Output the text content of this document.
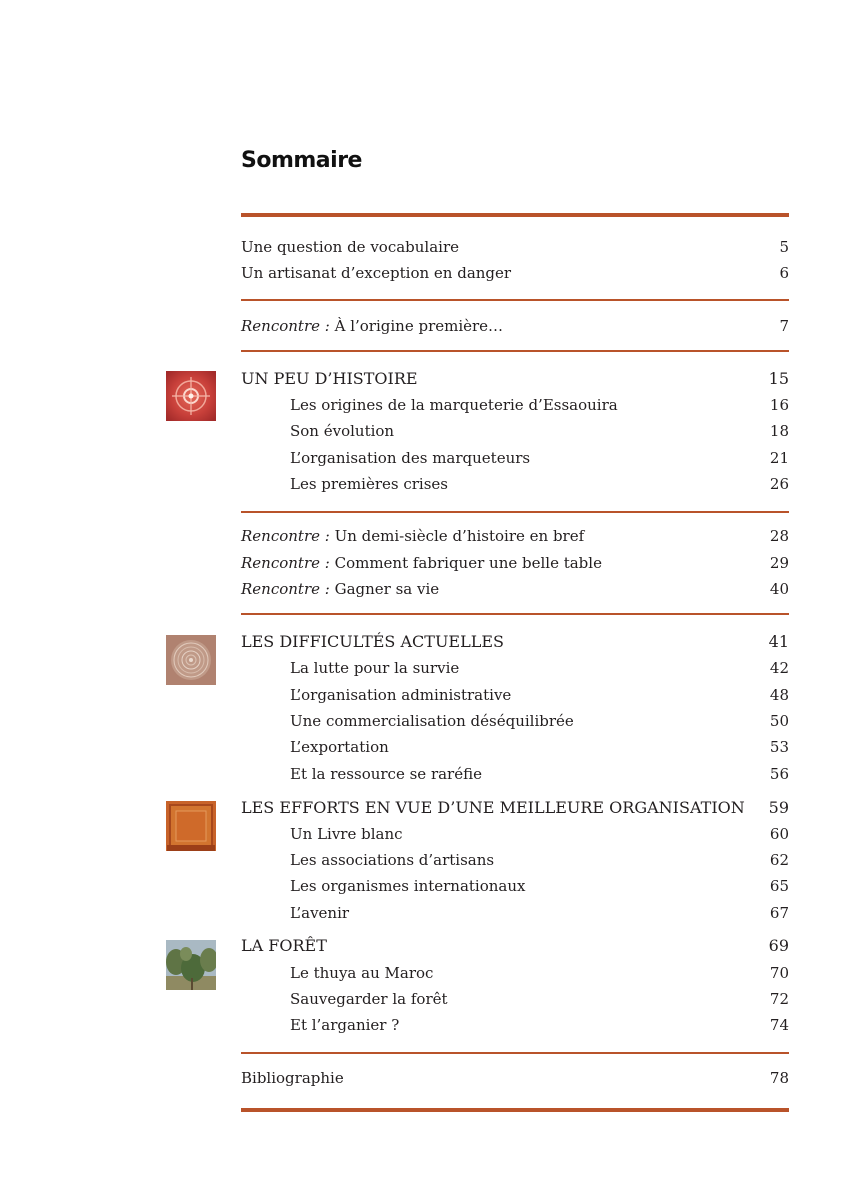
Sommaire
Une question de vocabulaire	5
Un artisanat d’exception en danger	6
Rencontre : À l’origine première…	7
UN PEU D’HISTOIRE	15
Les origines de la marqueterie d’Essaouira	16
Son évolution	18
L’organisation des marqueteurs	21
Les premières crises	26
Rencontre : Un demi-siècle d’histoire en bref	28
Rencontre : Comment fabriquer une belle table	29
Rencontre : Gagner sa vie	40
LES DIFFICULTÉS ACTUELLES	41
La lutte pour la survie	42
L’organisation administrative	48
Une commercialisation déséquilibrée	50
L’exportation	53
Et la ressource se raréfie	56
LES EFFORTS EN VUE D’UNE MEILLEURE ORGANISATION 59
Un Livre blanc	60
Les associations d’artisans	62
Les organismes internationaux	65
L’avenir	67
LA FORÊT	69
Le thuya au Maroc	70
Sauvegarder la forêt	72
Et l’arganier ?	74
Bibliographie	78
